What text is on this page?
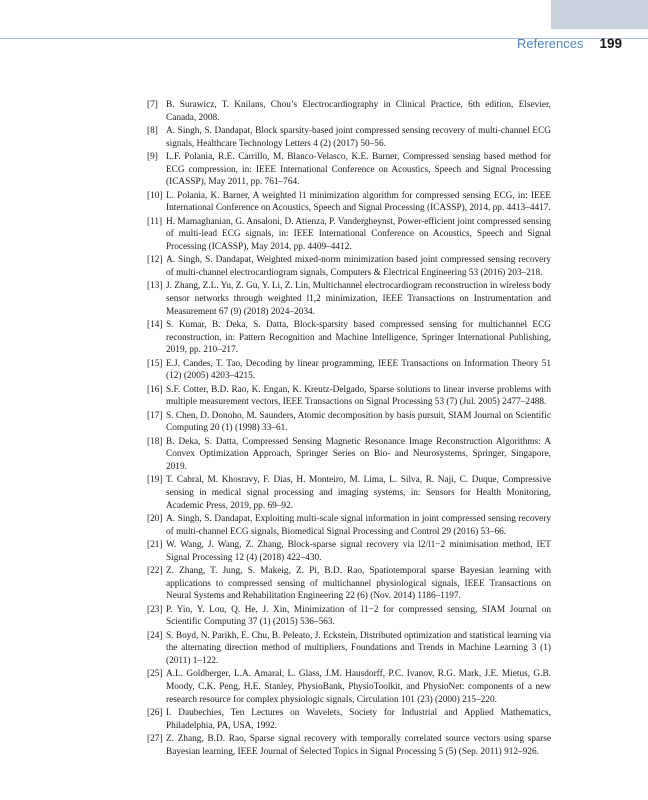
References 199
[7] B. Surawicz, T. Knilans, Chou’s Electrocardiography in Clinical Practice, 6th edition, Elsevier, Canada, 2008.
[8] A. Singh, S. Dandapat, Block sparsity-based joint compressed sensing recovery of multi-channel ECG signals, Healthcare Technology Letters 4 (2) (2017) 50–56.
[9] L.F. Polania, R.E. Carrillo, M. Blanco-Velasco, K.E. Barner, Compressed sensing based method for ECG compression, in: IEEE International Conference on Acoustics, Speech and Signal Processing (ICASSP), May 2011, pp. 761–764.
[10] L. Polania, K. Barner, A weighted l1 minimization algorithm for compressed sensing ECG, in: IEEE International Conference on Acoustics, Speech and Signal Processing (ICASSP), 2014, pp. 4413–4417.
[11] H. Mamaghanian, G. Ansaloni, D. Atienza, P. Vandergheynst, Power-efficient joint compressed sensing of multi-lead ECG signals, in: IEEE International Conference on Acoustics, Speech and Signal Processing (ICASSP), May 2014, pp. 4409–4412.
[12] A. Singh, S. Dandapat, Weighted mixed-norm minimization based joint compressed sensing recovery of multi-channel electrocardiogram signals, Computers & Electrical Engineering 53 (2016) 203–218.
[13] J. Zhang, Z.L. Yu, Z. Gu, Y. Li, Z. Lin, Multichannel electrocardiogram reconstruction in wireless body sensor networks through weighted l1,2 minimization, IEEE Transactions on Instrumentation and Measurement 67 (9) (2018) 2024–2034.
[14] S. Kumar, B. Deka, S. Datta, Block-sparsity based compressed sensing for multichannel ECG reconstruction, in: Pattern Recognition and Machine Intelligence, Springer International Publishing, 2019, pp. 210–217.
[15] E.J. Candes, T. Tao, Decoding by linear programming, IEEE Transactions on Information Theory 51 (12) (2005) 4203–4215.
[16] S.F. Cotter, B.D. Rao, K. Engan, K. Kreutz-Delgado, Sparse solutions to linear inverse problems with multiple measurement vectors, IEEE Transactions on Signal Processing 53 (7) (Jul. 2005) 2477–2488.
[17] S. Chen, D. Donoho, M. Saunders, Atomic decomposition by basis pursuit, SIAM Journal on Scientific Computing 20 (1) (1998) 33–61.
[18] B. Deka, S. Datta, Compressed Sensing Magnetic Resonance Image Reconstruction Algorithms: A Convex Optimization Approach, Springer Series on Bio- and Neurosystems, Springer, Singapore, 2019.
[19] T. Cabral, M. Khosravy, F. Dias, H. Monteiro, M. Lima, L. Silva, R. Naji, C. Duque, Compressive sensing in medical signal processing and imaging systems, in: Sensors for Health Monitoring, Academic Press, 2019, pp. 69–92.
[20] A. Singh, S. Dandapat, Exploiting multi-scale signal information in joint compressed sensing recovery of multi-channel ECG signals, Biomedical Signal Processing and Control 29 (2016) 53–66.
[21] W. Wang, J. Wang, Z. Zhang, Block-sparse signal recovery via l2/l1−2 minimisation method, IET Signal Processing 12 (4) (2018) 422–430.
[22] Z. Zhang, T. Jung, S. Makeig, Z. Pi, B.D. Rao, Spatiotemporal sparse Bayesian learning with applications to compressed sensing of multichannel physiological signals, IEEE Transactions on Neural Systems and Rehabilitation Engineering 22 (6) (Nov. 2014) 1186–1197.
[23] P. Yin, Y. Lou, Q. He, J. Xin, Minimization of l1−2 for compressed sensing, SIAM Journal on Scientific Computing 37 (1) (2015) 536–563.
[24] S. Boyd, N. Parikh, E. Chu, B. Peleato, J. Eckstein, Distributed optimization and statistical learning via the alternating direction method of multipliers, Foundations and Trends in Machine Learning 3 (1) (2011) 1–122.
[25] A.L. Goldberger, L.A. Amaral, L. Glass, J.M. Hausdorff, P.C. Ivanov, R.G. Mark, J.E. Mietus, G.B. Moody, C.K. Peng, H.E. Stanley, PhysioBank, PhysioToolkit, and PhysioNet: components of a new research resource for complex physiologic signals, Circulation 101 (23) (2000) 215–220.
[26] I. Daubechies, Ten Lectures on Wavelets, Society for Industrial and Applied Mathematics, Philadelphia, PA, USA, 1992.
[27] Z. Zhang, B.D. Rao, Sparse signal recovery with temporally correlated source vectors using sparse Bayesian learning, IEEE Journal of Selected Topics in Signal Processing 5 (5) (Sep. 2011) 912–926.
